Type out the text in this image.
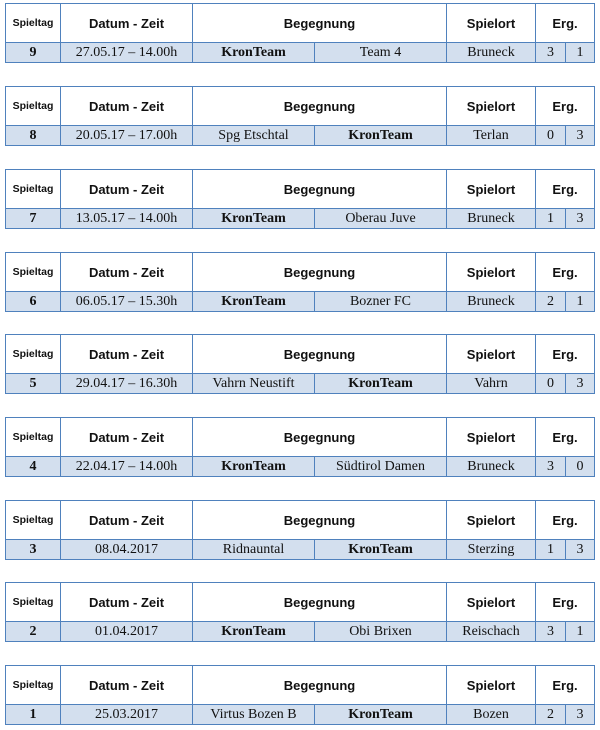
Spieltag	Datum - Zeit	Begegnung		Spielort	Erg.	
9	27.05.17 – 14.00h	KronTeam	Team 4	Bruneck	3	1
Spieltag	Datum - Zeit	Begegnung		Spielort	Erg.	
8	20.05.17 – 17.00h	Spg Etschtal	KronTeam	Terlan	0	3
Spieltag	Datum - Zeit	Begegnung		Spielort	Erg.	
7	13.05.17 – 14.00h	KronTeam	Oberau Juve	Bruneck	1	3
Spieltag	Datum - Zeit	Begegnung		Spielort	Erg.	
6	06.05.17 – 15.30h	KronTeam	Bozner FC	Bruneck	2	1
Spieltag	Datum - Zeit	Begegnung		Spielort	Erg.	
5	29.04.17 – 16.30h	Vahrn Neustift	KronTeam	Vahrn	0	3
Spieltag	Datum - Zeit	Begegnung		Spielort	Erg.	
4	22.04.17 – 14.00h	KronTeam	Südtirol Damen	Bruneck	3	0
Spieltag	Datum - Zeit	Begegnung		Spielort	Erg.	
3	08.04.2017	Ridnauntal	KronTeam	Sterzing	1	3
Spieltag	Datum - Zeit	Begegnung		Spielort	Erg.	
2	01.04.2017	KronTeam	Obi Brixen	Reischach	3	1
Spieltag	Datum - Zeit	Begegnung		Spielort	Erg.	
1	25.03.2017	Virtus Bozen B	KronTeam	Bozen	2	3
